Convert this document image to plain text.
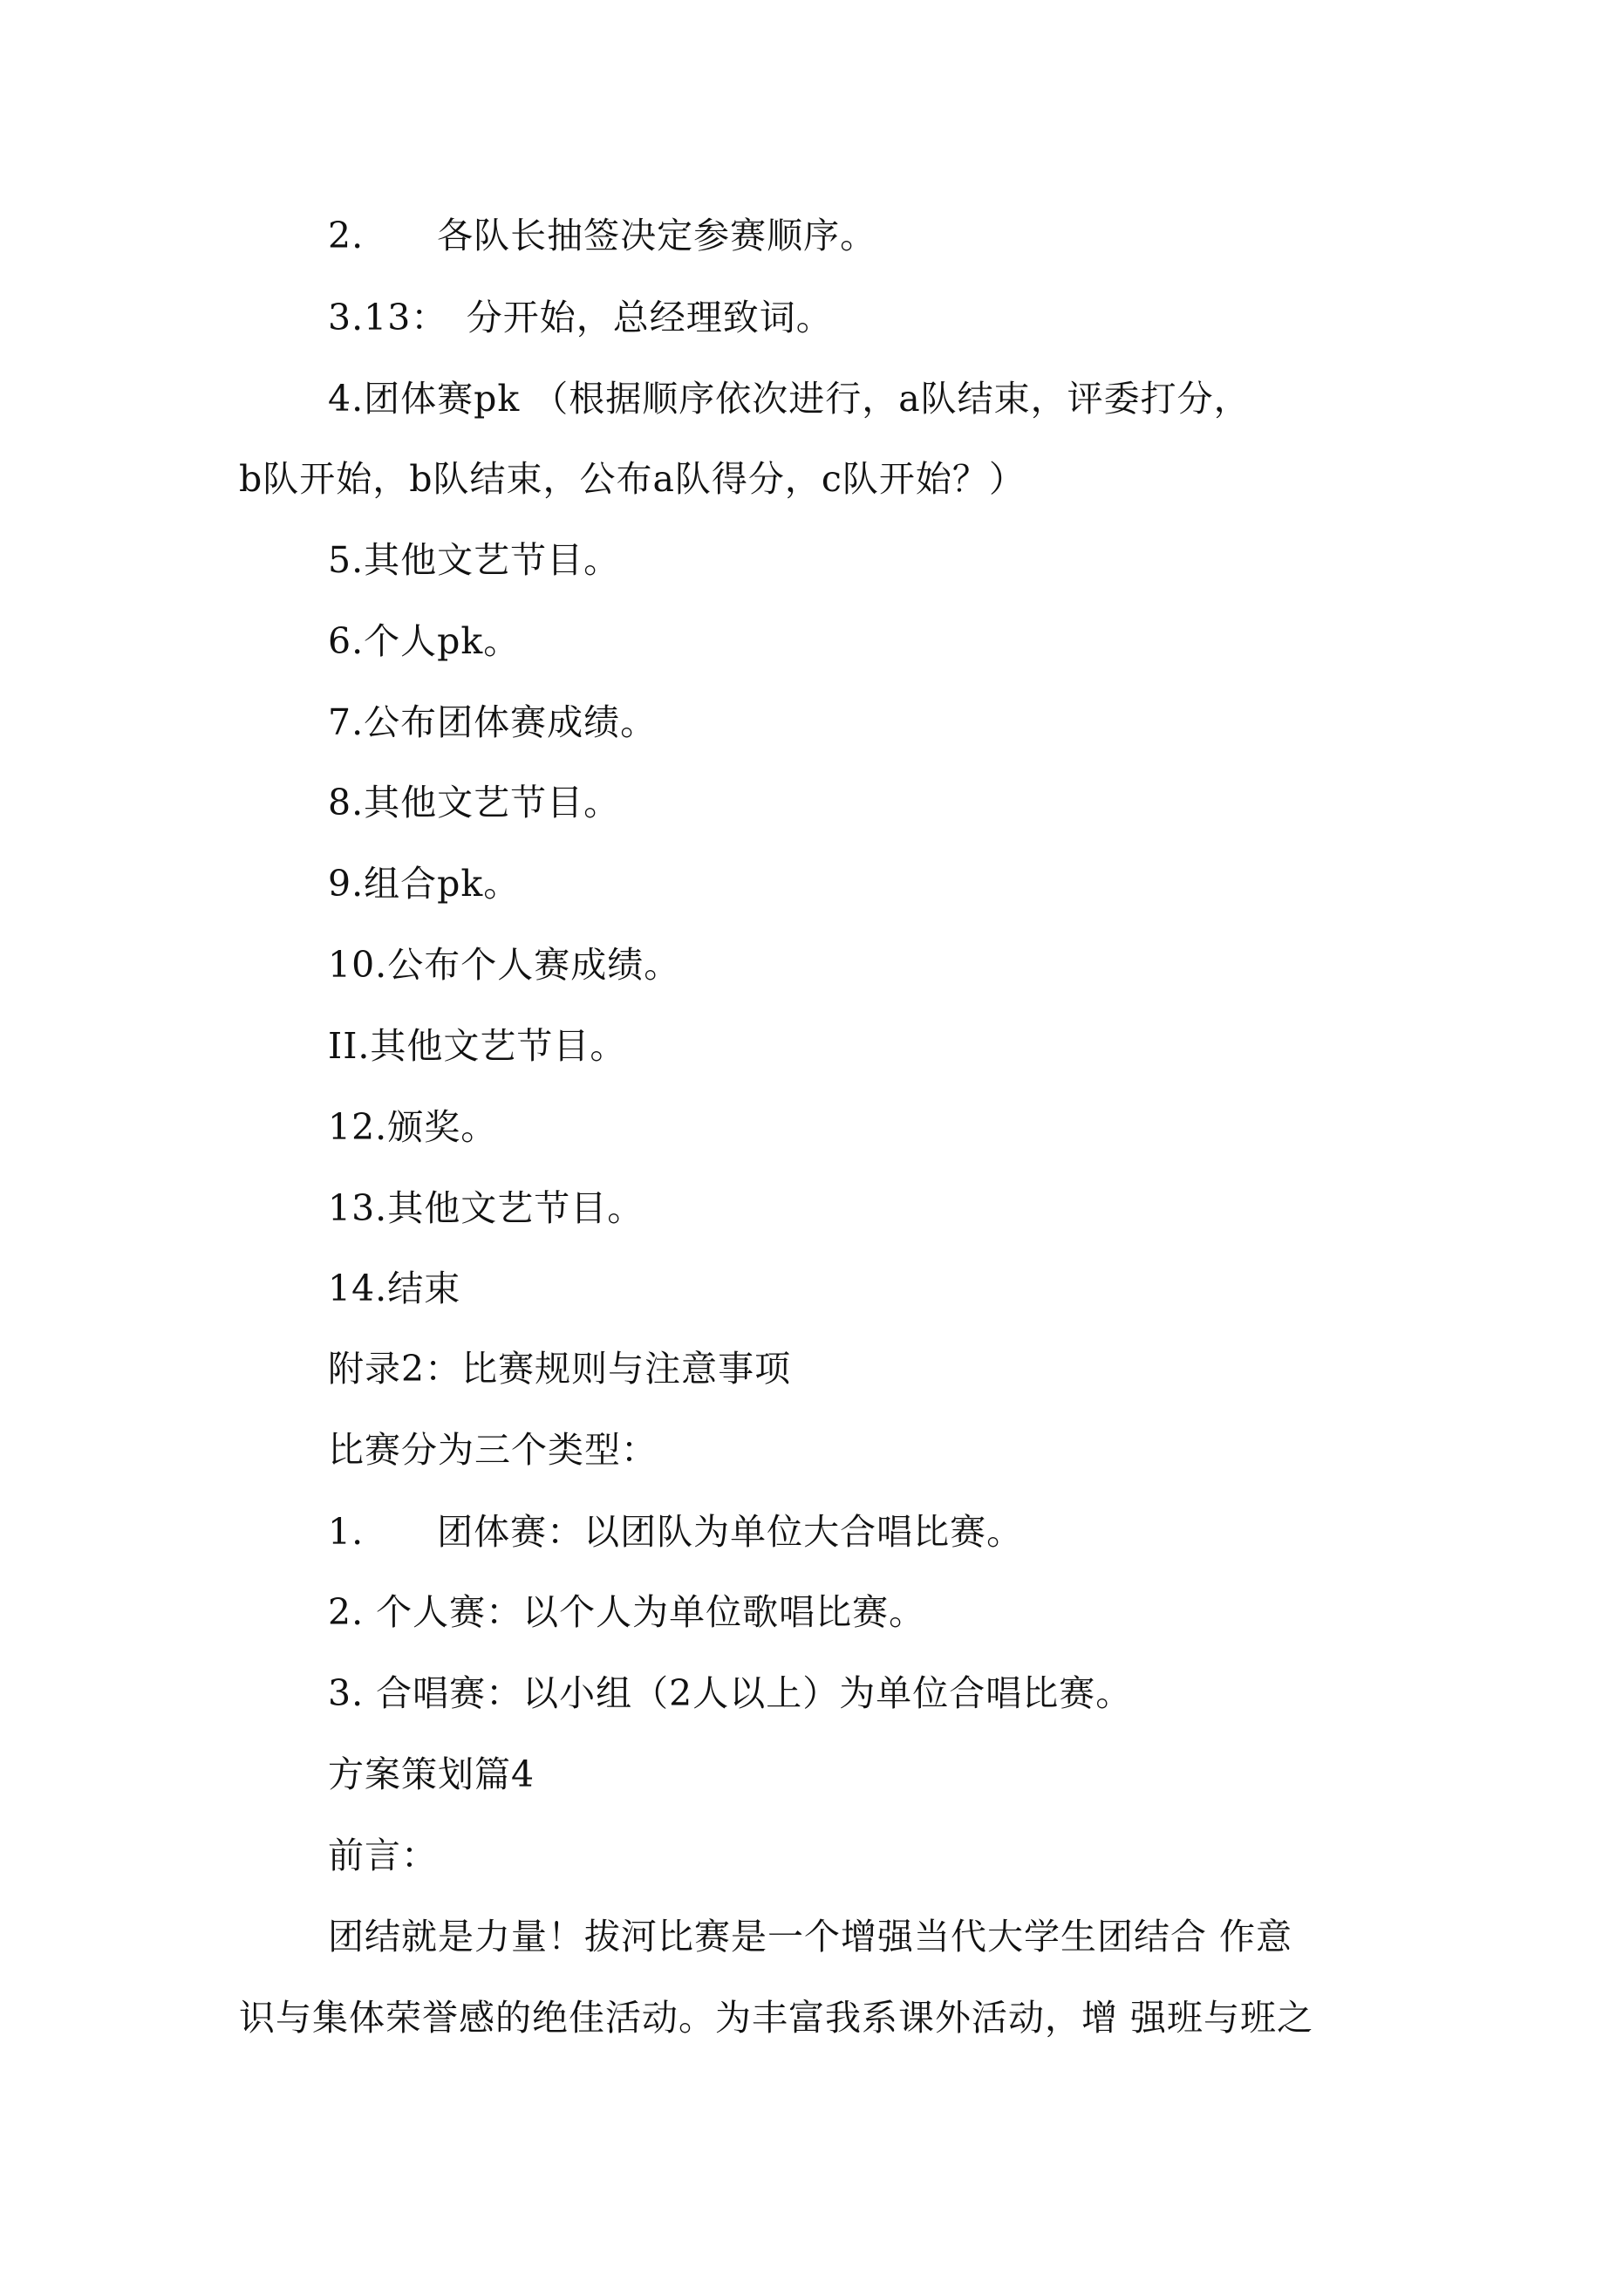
2.　　各队长抽签决定参赛顺序。
3.13：　分开始，总经理致词。
4.团体赛pk （根据顺序依次进行，a队结束，评委打分，
b队开始，b队结束，公布a队得分，c队开始？）
5.其他文艺节目。
6.个人pk。
7.公布团体赛成绩。
8.其他文艺节目。
9.组合pk。
10.公布个人赛成绩。
II.其他文艺节目。
12.颁奖。
13.其他文艺节目。
14.结束
附录2：比赛规则与注意事项
比赛分为三个类型：
1.　　团体赛：以团队为单位大合唱比赛。
2. 个人赛：以个人为单位歌唱比赛。
3. 合唱赛：以小组（2人以上）为单位合唱比赛。
方案策划篇4
前言：
团结就是力量！拔河比赛是一个增强当代大学生团结合 作意
识与集体荣誉感的绝佳活动。为丰富我系课外活动，增 强班与班之
